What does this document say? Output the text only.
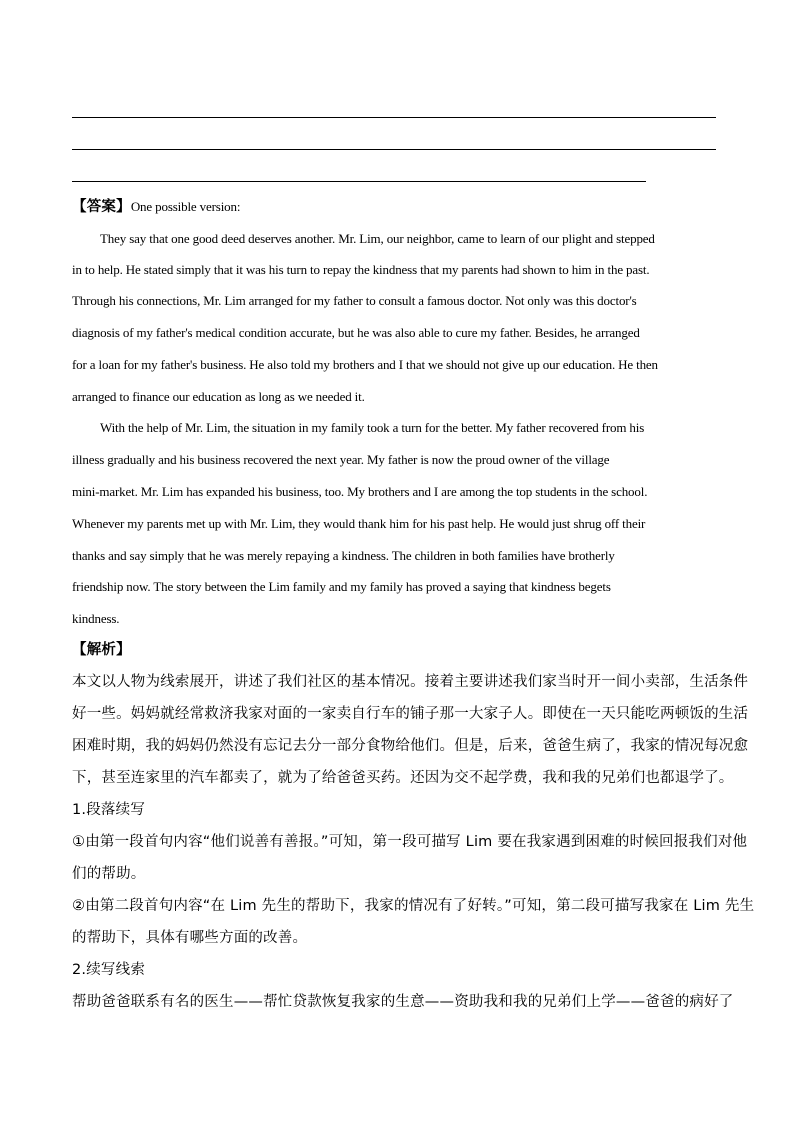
【答案】One possible version:
They say that one good deed deserves another. Mr. Lim, our neighbor, came to learn of our plight and stepped
in to help. He stated simply that it was his turn to repay the kindness that my parents had shown to him in the past.
Through his connections, Mr. Lim arranged for my father to consult a famous doctor. Not only was this doctor's
diagnosis of my father's medical condition accurate, but he was also able to cure my father. Besides, he arranged
for a loan for my father's business. He also told my brothers and I that we should not give up our education. He then
arranged to finance our education as long as we needed it.
With the help of Mr. Lim, the situation in my family took a turn for the better. My father recovered from his
illness gradually and his business recovered the next year. My father is now the proud owner of the village
mini-market. Mr. Lim has expanded his business, too. My brothers and I are among the top students in the school.
Whenever my parents met up with Mr. Lim, they would thank him for his past help. He would just shrug off their
thanks and say simply that he was merely repaying a kindness. The children in both families have brotherly
friendship now. The story between the Lim family and my family has proved a saying that kindness begets
kindness.
【解析】
本文以人物为线索展开，讲述了我们社区的基本情况。接着主要讲述我们家当时开一间小卖部，生活条件
好一些。妈妈就经常救济我家对面的一家卖自行车的铺子那一大家子人。即使在一天只能吃两顿饭的生活
困难时期，我的妈妈仍然没有忘记去分一部分食物给他们。但是，后来，爸爸生病了，我家的情况每况愈
下，甚至连家里的汽车都卖了，就为了给爸爸买药。还因为交不起学费，我和我的兄弟们也都退学了。
1.段落续写
①由第一段首句内容“他们说善有善报。”可知，第一段可描写 Lim 要在我家遇到困难的时候回报我们对他
们的帮助。
②由第二段首句内容“在 Lim 先生的帮助下，我家的情况有了好转。”可知，第二段可描写我家在 Lim 先生
的帮助下，具体有哪些方面的改善。
2.续写线索
帮助爸爸联系有名的医生——帮忙贷款恢复我家的生意——资助我和我的兄弟们上学——爸爸的病好了
